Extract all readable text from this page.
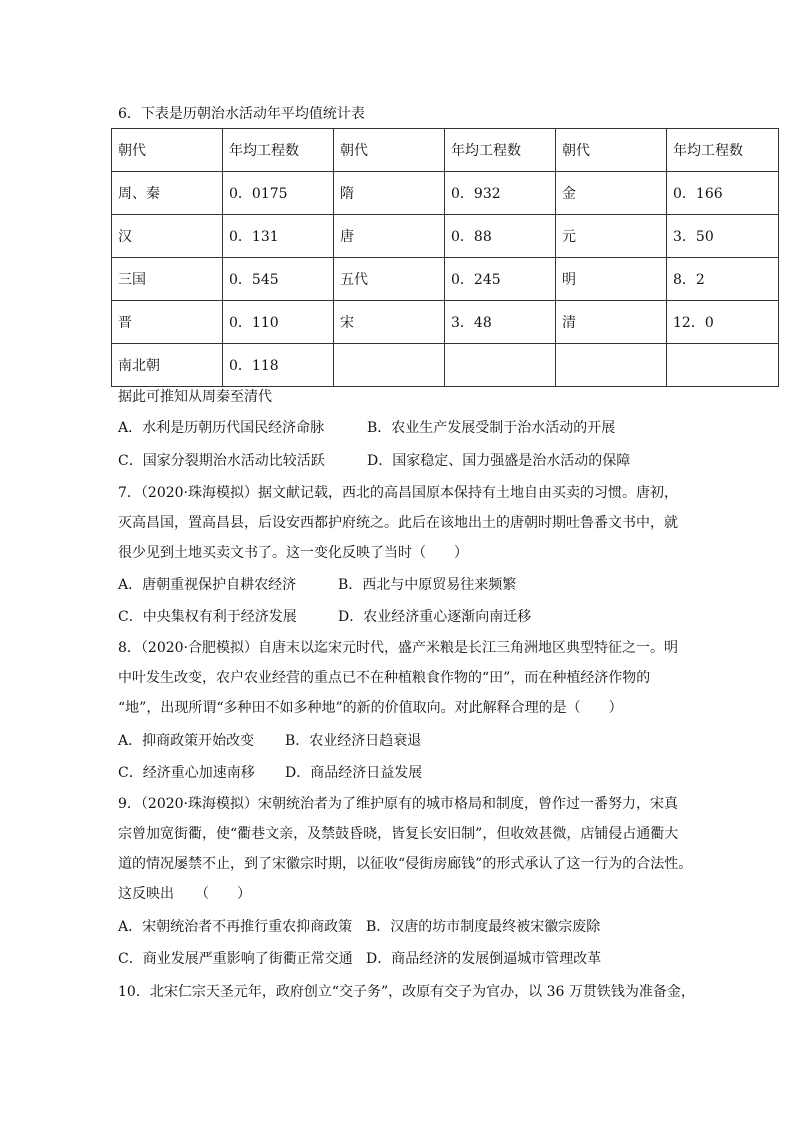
6．下表是历朝治水活动年平均值统计表
朝代	年均工程数	朝代	年均工程数	朝代	年均工程数
周、秦	0．0175	隋	0．932	金	0．166
汉	0．131	唐	0．88	元	3．50
三国	0．545	五代	0．245	明	8．2
晋	0．110	宋	3．48	清	12．0
南北朝	0．118				
据此可推知从周秦至清代
A．水利是历朝历代国民经济命脉	B．农业生产发展受制于治水活动的开展
C．国家分裂期治水活动比较活跃	D．国家稳定、国力强盛是治水活动的保障
7．（2020·珠海模拟）据文献记载，西北的高昌国原本保持有土地自由买卖的习惯。唐初，
灭高昌国，置高昌县，后设安西都护府统之。此后在该地出土的唐朝时期吐鲁番文书中，就
很少见到土地买卖文书了。这一变化反映了当时（　　）
A．唐朝重视保护自耕农经济	B．西北与中原贸易往来频繁
C．中央集权有利于经济发展	D．农业经济重心逐渐向南迁移
8．（2020·合肥模拟）自唐末以迄宋元时代，盛产米粮是长江三角洲地区典型特征之一。明
中叶发生改变，农户农业经营的重点已不在种植粮食作物的“田”，而在种植经济作物的
“地”，出现所谓“多种田不如多种地”的新的价值取向。对此解释合理的是（　　）
A．抑商政策开始改变 B．农业经济日趋衰退
C．经济重心加速南移 D．商品经济日益发展
9．（2020·珠海模拟）宋朝统治者为了维护原有的城市格局和制度，曾作过一番努力，宋真
宗曾加宽街衢，使“衢巷文亲，及禁鼓昏晓，皆复长安旧制”，但收效甚微，店铺侵占通衢大
道的情况屡禁不止，到了宋徽宗时期，以征收“侵街房廊钱”的形式承认了这一行为的合法性。
这反映出　　（　　）
A．宋朝统治者不再推行重农抑商政策 B．汉唐的坊市制度最终被宋徽宗废除
C．商业发展严重影响了街衢正常交通 D．商品经济的发展倒逼城市管理改革
10．北宋仁宗天圣元年，政府创立“交子务”，改原有交子为官办，以 36 万贯铁钱为准备金，
